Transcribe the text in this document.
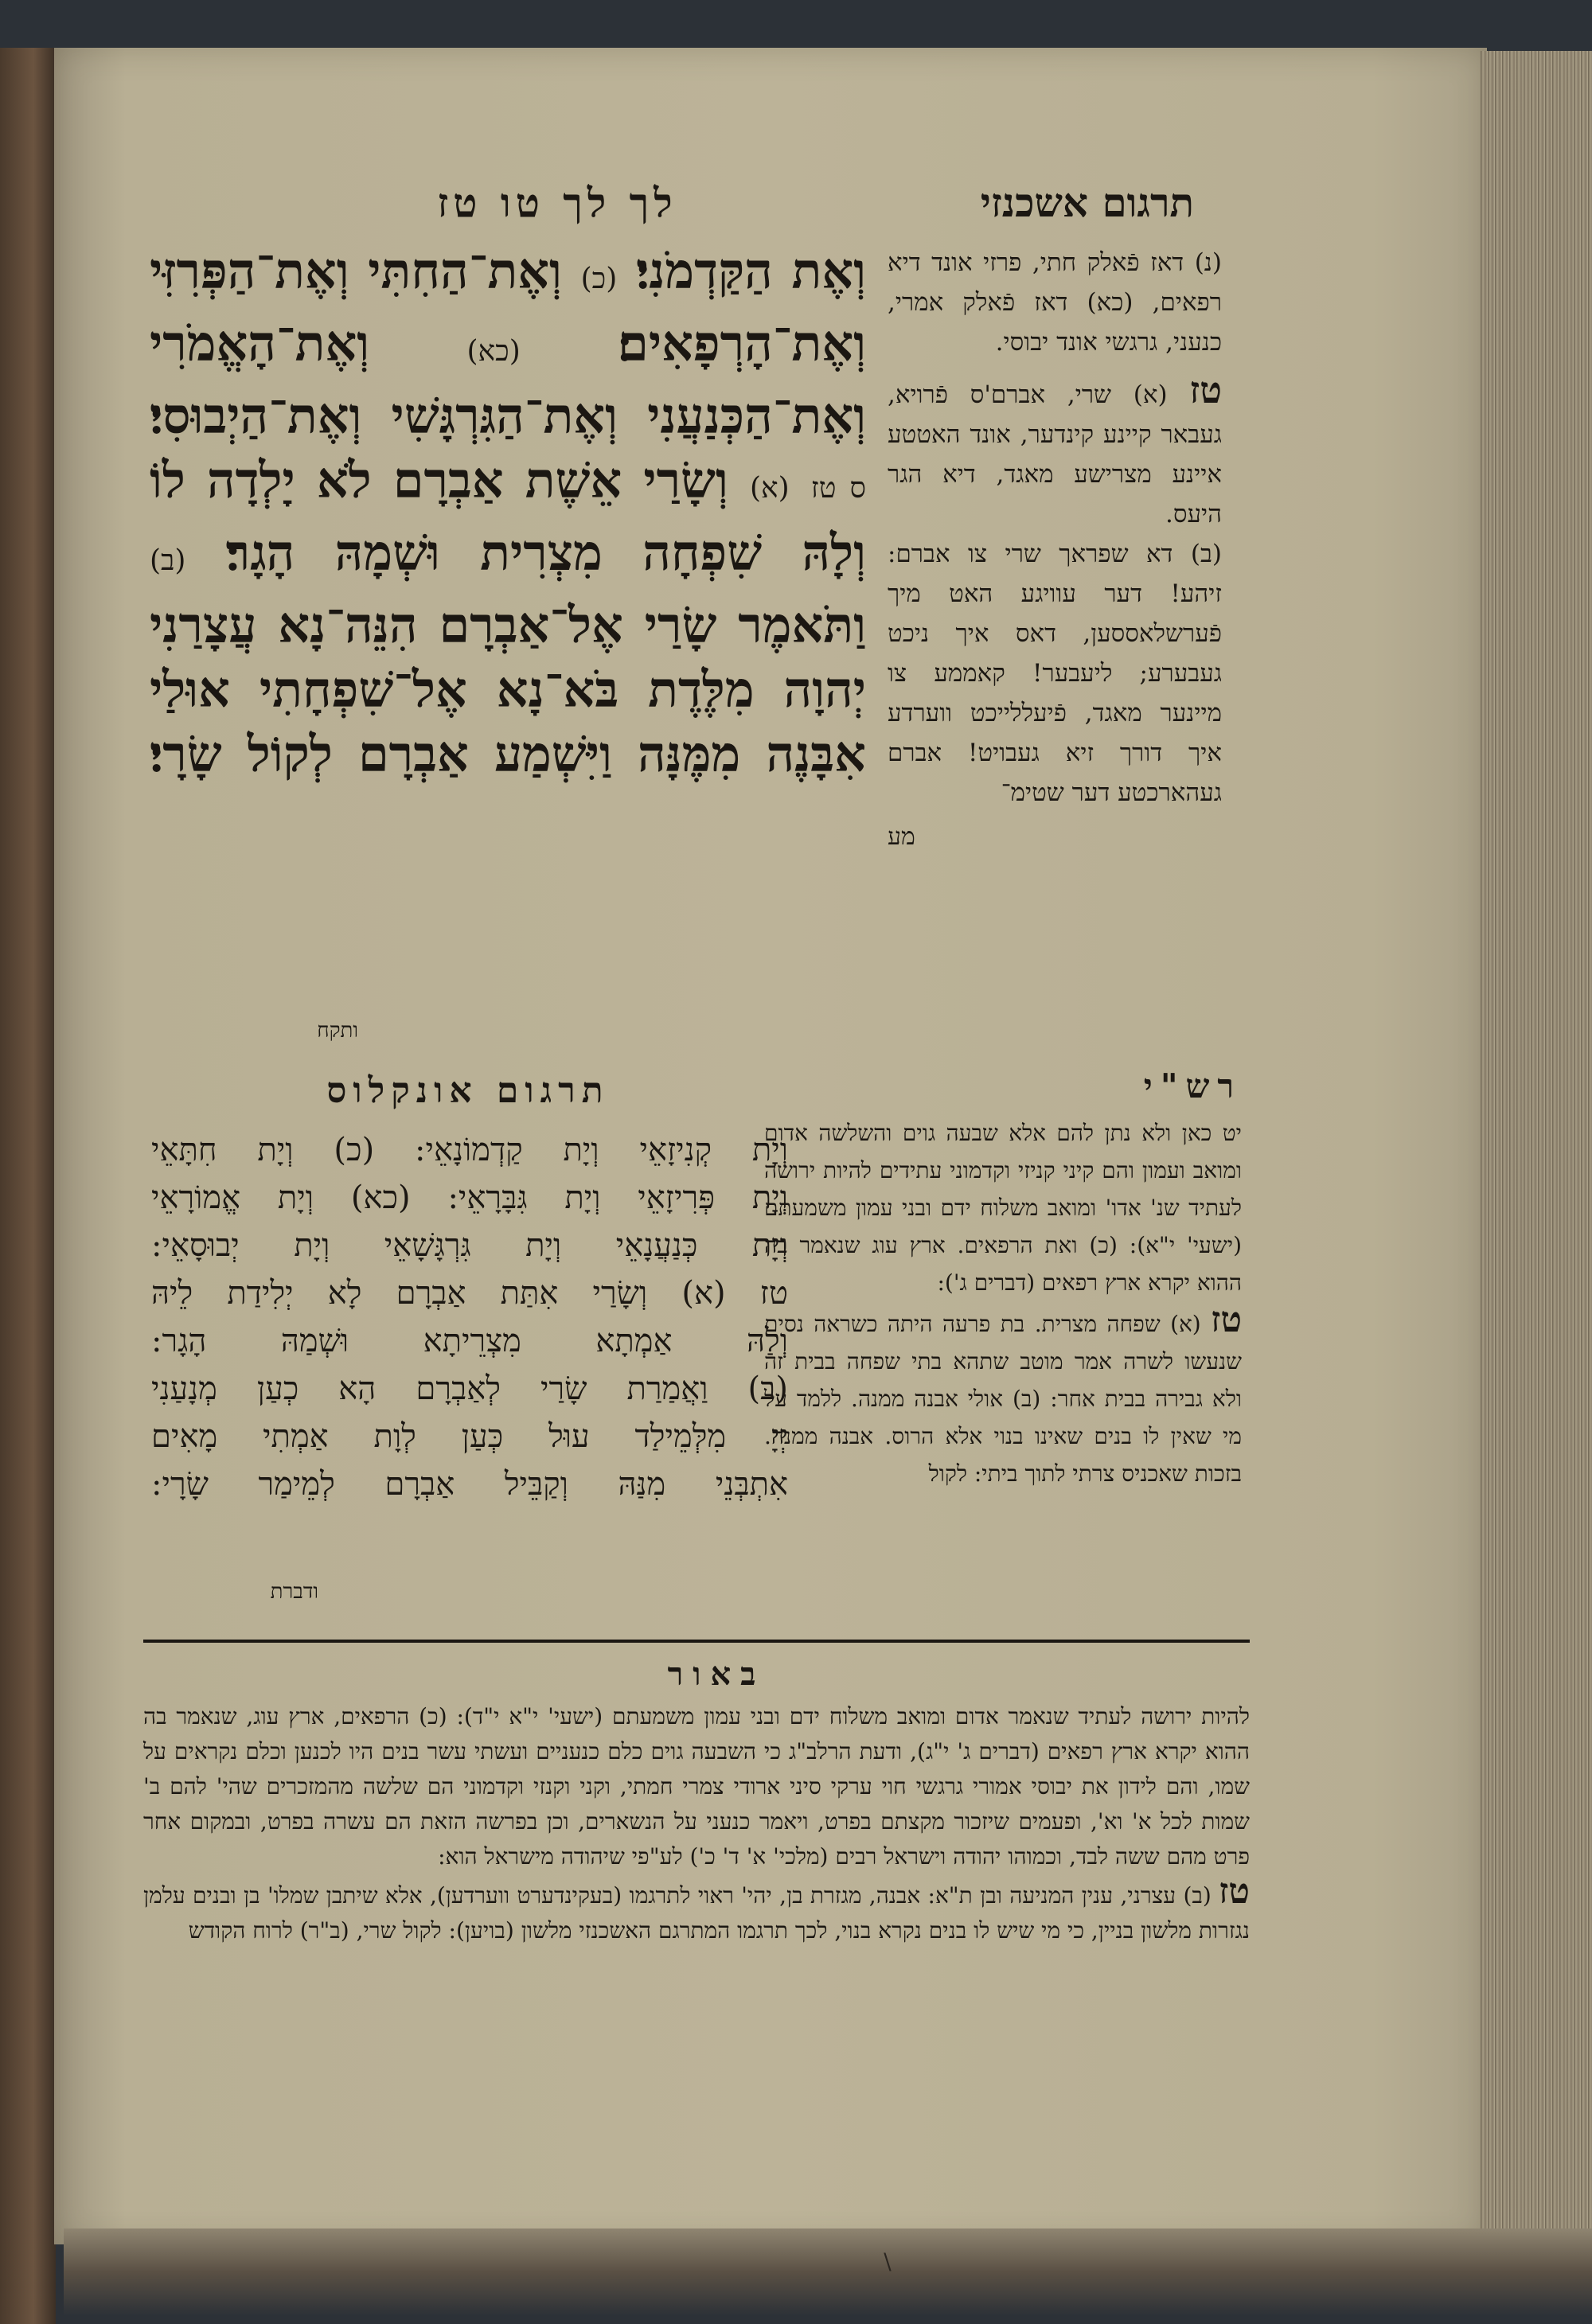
תרגום אשכנזי
לך לך טו טז

(נ) דאז פֿאלק חתי, פרזי אונד דיא רפאים, (כא) דאז פֿאלק אמרי, כנעני, גרגשי אונד יבוסי.

טז (א) שרי, אברם'ס פֿרויא, געבאר קיינע קינדער, אונד האטטע איינע מצרישע מאגד, דיא הגר היעס.

(ב) דא שפראך שרי צו אברם: זיהע! דער עוויגע האט מיך פֿערשלאססען, דאס איך ניכט געבערע; ליעבער! קאממע צו מיינער מאגד, פֿיעללייכט ווערדע איך דורך זיא געבויט! אברם געהארכטע דער שטימ־

מע

וְאֶת הַקַּדְמֹנִי׃ (כ) וְאֶת־הַחִתִּי וְאֶת־הַפְּרִזִּי וְאֶת־הָרְפָאִים׃ (כא) וְאֶת־הָאֱמֹרִי וְאֶת־הַכְּנַעֲנִי וְאֶת־הַגִּרְגָּשִׁי וְאֶת־הַיְבוּסִי׃ ס טז (א) וְשָׂרַי אֵשֶׁת אַבְרָם לֹא יָלְדָה לוֹ וְלָהּ שִׁפְחָה מִצְרִית וּשְׁמָהּ הָגָר׃ (ב) וַתֹּאמֶר שָׂרַי אֶל־אַבְרָם הִנֵּה־נָא עֲצָרַנִי יְהוָה מִלֶּדֶת בֹּא־נָא אֶל־שִׁפְחָתִי אוּלַי אִבָּנֶה מִמֶּנָּה וַיִּשְׁמַע אַבְרָם לְקוֹל שָׂרָי׃

ותקח
תרגום אונקלוס

וְיָת קְנִיזָאֵי וְיָת קַדְמוֹנָאֵי: (כ) וְיָת חִתָּאֵי

וְיָת פְּרִיזָאֵי וְיָת גִּבָּרָאֵי: (כא) וְיָת אֱמוֹרָאֵי

וְיָת כְּנַעֲנָאֵי וְיָת גִּרְגָּשָׁאֵי וְיָת יְבוּסָאֵי:

טז (א) וְשָׂרַי אִתַּת אַבְרָם לָא יְלִידַת לֵיהּ

וְלַהּ אַמְתָא מִצְרֵיתָא וּשְׁמַהּ הָגָר:

(ב) וַאֲמַרַת שָׂרַי לְאַבְרָם הָא כְעַן מְנָעַנִי

יְיָ מִלְּמֵילַד עוּל כְּעַן לְוָת אַמְתִי מָאִים

אִתְבְּנֵי מִנַּהּ וְקַבֵּיל אַבְרָם לְמֵימַר שָׂרָי:

ודברת
רש"י

יט כאן ולא נתן להם אלא שבעה גוים והשלשה אדום ומואב ועמון והם קיני קניזי וקדמוני עתידים להיות ירושה לעתיד שנ' אדו' ומואב משלוח ידם ובני עמון משמעתם (ישעי' י"א): (כ) ואת הרפאים. ארץ עוג שנאמר בה ההוא יקרא ארץ רפאים (דברים ג'):

טז (א) שפחה מצרית. בת פרעה היתה כשראה נסים שנעשו לשרה אמר מוטב שתהא בתי שפחה בבית זה ולא גבירה בבית אחר: (ב) אולי אבנה ממנה. ללמד על מי שאין לו בנים שאינו בנוי אלא הרוס. אבנה ממנה. בזכות שאכניס צרתי לתוך ביתי: לקול

באור

להיות ירושה לעתיד שנאמר אדום ומואב משלוח ידם ובני עמון משמעתם (ישעי' י"א י"ד): (כ) הרפאים, ארץ עוג, שנאמר בה ההוא יקרא ארץ רפאים (דברים ג' י"ג), ודעת הרלב"ג כי השבעה גוים כלם כנעניים ועשתי עשר בנים היו לכנען וכלם נקראים על שמו, והם לידון את יבוסי אמורי גרגשי חוי ערקי סיני ארודי צמרי חמתי, וקני וקנזי וקדמוני הם שלשה מהמזכרים שהי' להם ב' שמות לכל א' וא', ופעמים שיזכור מקצתם בפרט, ויאמר כנעני על הנשארים, וכן בפרשה הזאת הם עשרה בפרט, ובמקום אחר פרט מהם ששה לבד, וכמוהו יהודה וישראל רבים (מלכי' א' ד' כ') לע"פי שיהודה מישראל הוא:

טז (ב) עצרני, ענין המניעה ובן ת"א: אבנה, מגזרת בן, יהי' ראוי לתרגמו (בעקינדערט ווערדען), אלא שיתבן שמלו' בן ובנים עלמן נגזרות מלשון בניין, כי מי שיש לו בנים נקרא בנוי, לכך תרגמו המתרגם האשכנזי מלשון (בויען): לקול שרי, (ב"ר) לרוח הקודש

\
